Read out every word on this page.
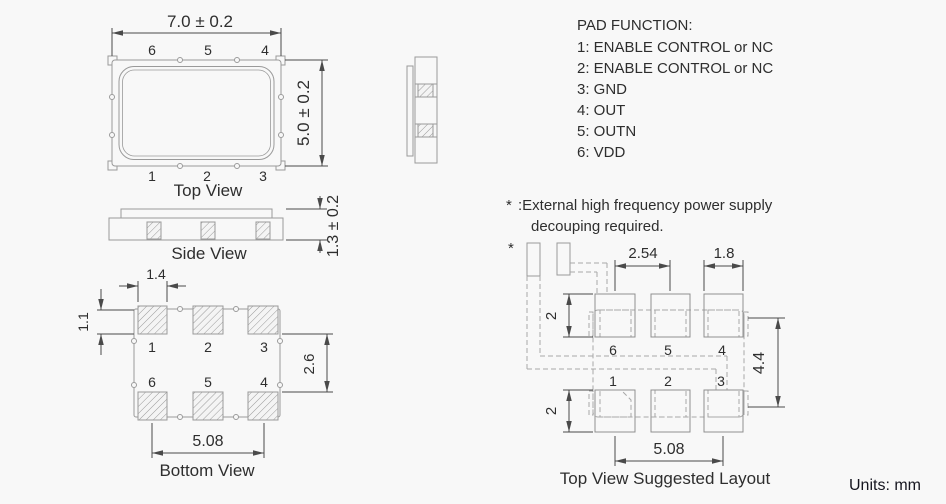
7.0 ± 0.2
5.0 ± 0.2
6	5	4
1	2	3
Top View
1.3 ± 0.2
Side View
1	2	3
6	5	4
1.4
1.1
2.6
5.08
Bottom View
PAD FUNCTION:
1: ENABLE CONTROL or NC
2: ENABLE CONTROL or NC
3: GND
4: OUT
5: OUTN
6: VDD
* :External high frequency power supply
decouping required.
*
6	5	4
1	2	3
2.54	1.8
2
2
4.4
5.08
Top View Suggested Layout	Units: mm
